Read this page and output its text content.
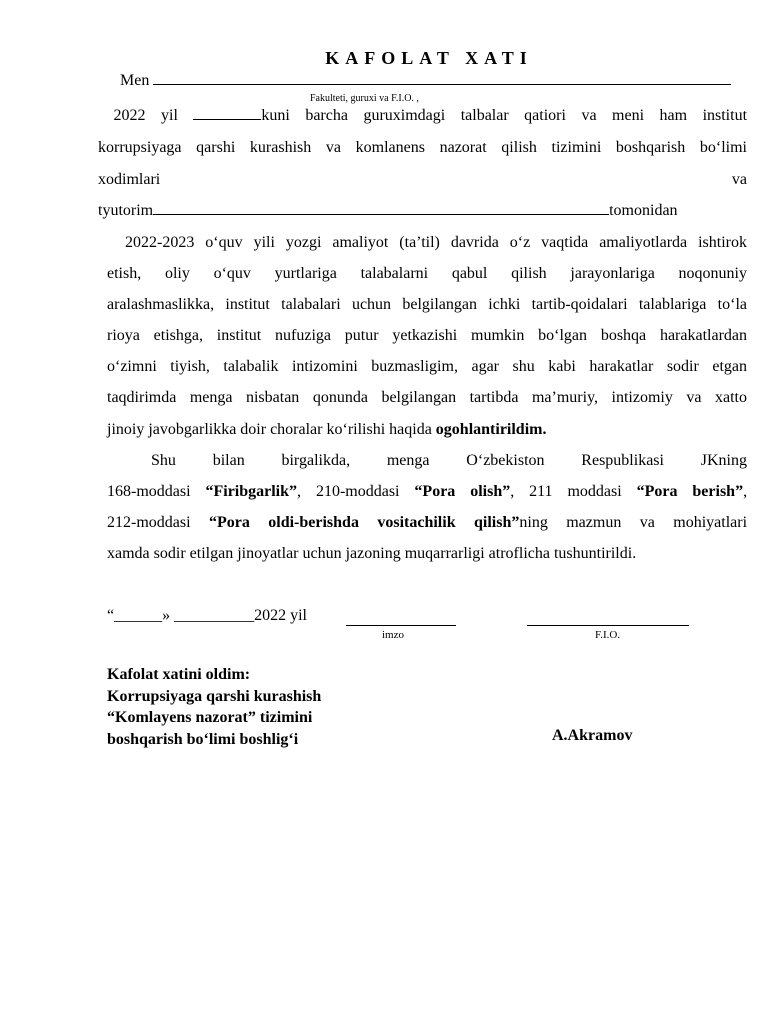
KAFOLAT XATI
Men
Fakulteti, guruxi va F.I.O. ,
2022 yil	kuni barcha guruximdagi talbalar qatiori va meni ham institut
korrupsiyaga qarshi kurashish va komlanens nazorat qilish tizimini boshqarish bo‘limi
xodimlari	va
tyutorim	tomonidan
2022-2023 o‘quv yili yozgi amaliyot (ta’til) davrida o‘z vaqtida amaliyotlarda ishtirok
etish, oliy o‘quv yurtlariga talabalarni qabul qilish jarayonlariga noqonuniy
aralashmaslikka, institut talabalari uchun belgilangan ichki tartib-qoidalari talablariga to‘la
rioya etishga, institut nufuziga putur yetkazishi mumkin bo‘lgan boshqa harakatlardan
o‘zimni tiyish, talabalik intizomini buzmasligim, agar shu kabi harakatlar sodir etgan
taqdirimda menga nisbatan qonunda belgilangan tartibda ma’muriy, intizomiy va xatto
jinoiy javobgarlikka doir choralar ko‘rilishi haqida ogohlantirildim.
Shu bilan birgalikda, menga O‘zbekiston Respublikasi JKning
168-moddasi “Firibgarlik”, 210-moddasi “Pora olish”, 211 moddasi “Pora berish”,
212-moddasi “Pora oldi-berishda vositachilik qilish”ning mazmun va mohiyatlari
xamda sodir etilgan jinoyatlar uchun jazoning muqarrarligi atroflicha tushuntirildi.
“______» __________2022 yil
imzo	F.I.O.
Kafolat xatini oldim:
Korrupsiyaga qarshi kurashish
“Komlayens nazorat” tizimini
boshqarish bo‘limi boshlig‘i	A.Akramov
